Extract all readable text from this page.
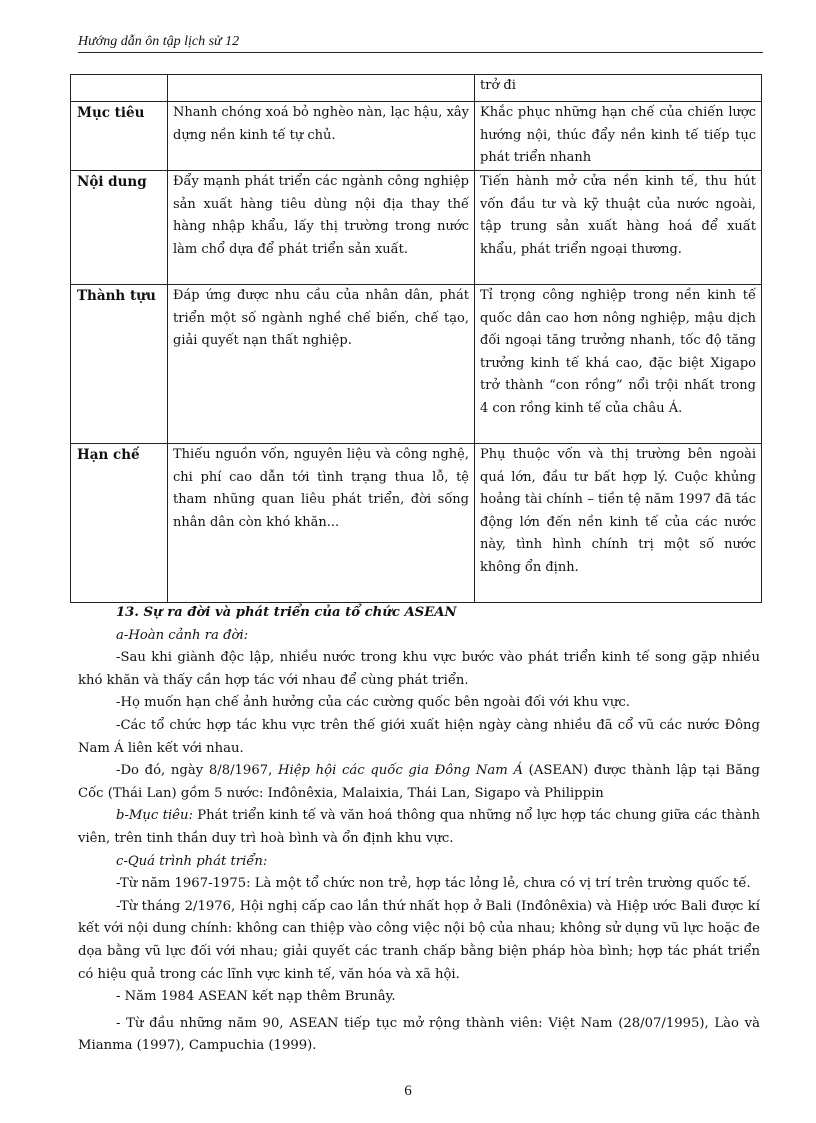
Hướng dẫn ôn tập lịch sử 12
		trở đi
Mục tiêu	Nhanh chóng xoá bỏ nghèo nàn, lạc hậu, xây dựng nền kinh tế tự chủ.	Khắc phục những hạn chế của chiến lược hướng nội, thúc đẩy nền kinh tế tiếp tục phát triển nhanh
Nội dung	Đẩy mạnh phát triển các ngành công nghiệp sản xuất hàng tiêu dùng nội địa thay thế hàng nhập khẩu, lấy thị trường trong nước làm chổ dựa để phát triển sản xuất.	Tiến hành mở cửa nền kinh tế, thu hút vốn đầu tư và kỹ thuật của nước ngoài, tập trung sản xuất hàng hoá để xuất khẩu, phát triển ngoại thương.
Thành tựu	Đáp ứng được nhu cầu của nhân dân, phát triển một số ngành nghề chế biến, chế tạo, giải quyết nạn thất nghiệp.	Tỉ trọng công nghiệp trong nền kinh tế quốc dân cao hơn nông nghiệp, mậu dịch đối ngoại tăng trưởng nhanh, tốc độ tăng trưởng kinh tế khá cao, đặc biệt Xigapo trở thành “con rồng” nổi trội nhất trong 4 con rồng kinh tế của châu Á.
Hạn chế	Thiếu nguồn vốn, nguyên liệu và công nghệ, chi phí cao dẫn tới tình trạng thua lỗ, tệ tham nhũng quan liêu phát triển, đời sống nhân dân còn khó khăn...	Phụ thuộc vốn và thị trường bên ngoài quá lớn, đầu tư bất hợp lý. Cuộc khủng hoảng tài chính – tiền tệ năm 1997 đã tác động lớn đến nền kinh tế của các nước này, tình hình chính trị một số nước không ổn định.

13. Sự ra đời và phát triển của tổ chức ASEAN

a-Hoàn cảnh ra đời:

-Sau khi giành độc lập, nhiều nước trong khu vực bước vào phát triển kinh tế song gặp nhiều khó khăn và thấy cần hợp tác với nhau để cùng phát triển.

-Họ muốn hạn chế ảnh hưởng của các cường quốc bên ngoài đối với khu vực.

-Các tổ chức hợp tác khu vực trên thế giới xuất hiện ngày càng nhiều đã cổ vũ các nước Đông Nam Á liên kết với nhau.

-Do đó, ngày 8/8/1967, Hiệp hội các quốc gia Đông Nam Á (ASEAN) được thành lập tại Băng Cốc (Thái Lan) gồm 5 nước: Inđônêxia, Malaixia, Thái Lan, Sigapo và Philippin

b-Mục tiêu: Phát triển kinh tế và văn hoá thông qua những nổ lực hợp tác chung giữa các thành viên, trên tinh thần duy trì hoà bình và ổn định khu vực.

c-Quá trình phát triển:

-Từ năm 1967-1975: Là một tổ chức non trẻ, hợp tác lỏng lẻ, chưa có vị trí trên trường quốc tế.

-Từ tháng 2/1976, Hội nghị cấp cao lần thứ nhất họp ở Bali (Inđônêxia) và Hiệp ước Bali được kí kết với nội dung chính: không can thiệp vào công việc nội bộ của nhau; không sử dụng vũ lực hoặc đe dọa bằng vũ lực đối với nhau; giải quyết các tranh chấp bằng biện pháp hòa bình; hợp tác phát triển có hiệu quả trong các lĩnh vực kinh tế, văn hóa và xã hội.

- Năm 1984 ASEAN kết nạp thêm Brunây.

- Từ đầu những năm 90, ASEAN tiếp tục mở rộng thành viên: Việt Nam (28/07/1995), Lào và Mianma (1997), Campuchia (1999).

6
